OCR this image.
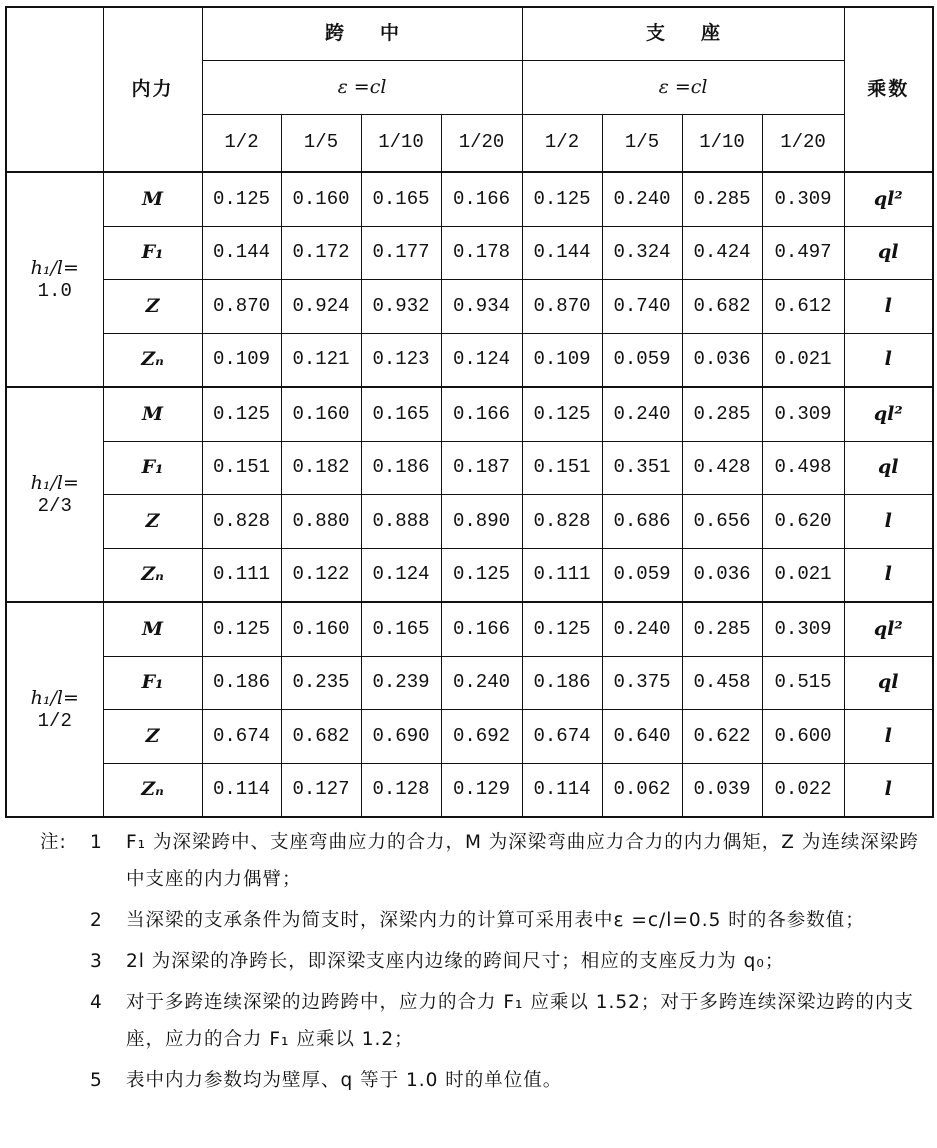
	内力	跨中				支座				乘数
		ε =cl				ε =cl				
		1/2	1/5	1/10	1/20	1/2	1/5	1/10	1/20	

h₁/l=
1.0	M	0.125	0.160	0.165	0.166	0.125	0.240	0.285	0.309	ql²
	F₁	0.144	0.172	0.177	0.178	0.144	0.324	0.424	0.497	ql
	Z	0.870	0.924	0.932	0.934	0.870	0.740	0.682	0.612	l
	Zₙ	0.109	0.121	0.123	0.124	0.109	0.059	0.036	0.021	l

h₁/l=
2/3	M	0.125	0.160	0.165	0.166	0.125	0.240	0.285	0.309	ql²
	F₁	0.151	0.182	0.186	0.187	0.151	0.351	0.428	0.498	ql
	Z	0.828	0.880	0.888	0.890	0.828	0.686	0.656	0.620	l
	Zₙ	0.111	0.122	0.124	0.125	0.111	0.059	0.036	0.021	l

h₁/l=
1/2	M	0.125	0.160	0.165	0.166	0.125	0.240	0.285	0.309	ql²
	F₁	0.186	0.235	0.239	0.240	0.186	0.375	0.458	0.515	ql
	Z	0.674	0.682	0.690	0.692	0.674	0.640	0.622	0.600	l
	Zₙ	0.114	0.127	0.128	0.129	0.114	0.062	0.039	0.022	l
注: 1 F₁ 为深梁跨中、支座弯曲应力的合力，M 为深梁弯曲应力合力的内力偶矩，Z 为连续深梁跨中支座的内力偶臂；
2 当深梁的支承条件为简支时，深梁内力的计算可采用表中ε =c/l=0.5 时的各参数值；
3 2l 为深梁的净跨长，即深梁支座内边缘的跨间尺寸；相应的支座反力为 q₀；
4 对于多跨连续深梁的边跨跨中，应力的合力 F₁ 应乘以 1.52；对于多跨连续深梁边跨的内支座，应力的合力 F₁ 应乘以 1.2；
5 表中内力参数均为壁厚、q 等于 1.0 时的单位值。
